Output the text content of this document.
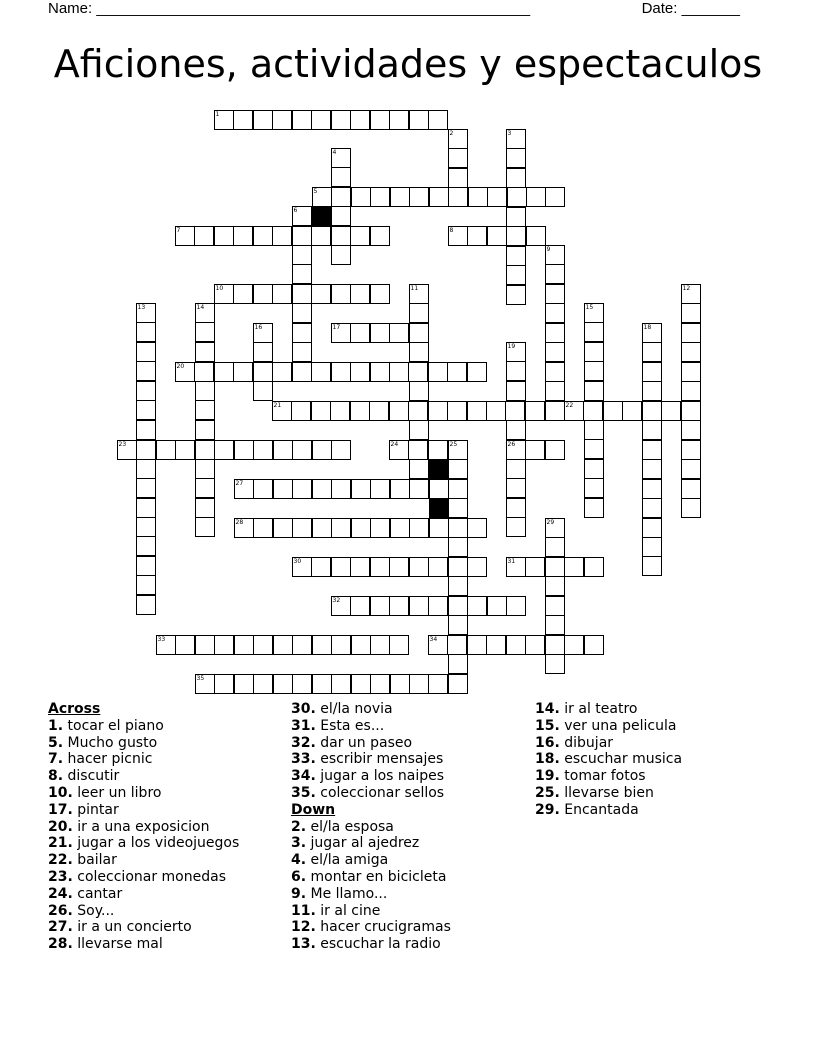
Name: ____________________________________________________	Date: _______
Aficiones, actividades y espectaculos
1
2	3
4
5
6
7	8
9
10	11	12
13	14	15
16	17	18
19
20
21	22
23	24	25	26
27
28	29
30	31
32
33	34
35
Across
1. tocar el piano
5. Mucho gusto
7. hacer picnic
8. discutir
10. leer un libro
17. pintar
20. ir a una exposicion
21. jugar a los videojuegos
22. bailar
23. coleccionar monedas
24. cantar
26. Soy...
27. ir a un concierto
28. llevarse mal
30. el/la novia
31. Esta es...
32. dar un paseo
33. escribir mensajes
34. jugar a los naipes
35. coleccionar sellos
Down
2. el/la esposa
3. jugar al ajedrez
4. el/la amiga
6. montar en bicicleta
9. Me llamo...
11. ir al cine
12. hacer crucigramas
13. escuchar la radio
14. ir al teatro
15. ver una pelicula
16. dibujar
18. escuchar musica
19. tomar fotos
25. llevarse bien
29. Encantada
